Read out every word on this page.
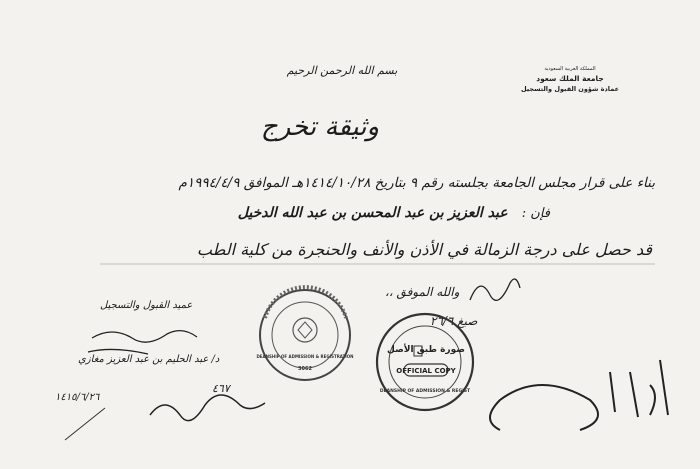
بسم الله الرحمن الرحيم	المملكة العربية السعودية
جامعة الملك سعود
عمادة شؤون القبول والتسجيل
وثيقة تخرج
بناء على قرار مجلس الجامعة بجلسته رقم ٩ بتاريخ ١٤١٤/١٠/٢٨هـ الموافق ١٩٩٤/٤/٩م
فإن : عبد العزيز بن عبد المحسن بن عبد الله الدخيل
قد حصل على درجة الزمالة في الأذن والأنف والحنجرة من كلية الطب
والله الموفق ،،
صبغ ٢٦/٦
عميد القبول والتسجيل
د/ عبد الحليم بن عبد العزيز مغازي
3062
DEANSHIP OF ADMISSION & REGISTRATION
OFFICIAL COPY
صورة طبق الأصل
DEANSHIP OF ADMISSION & REGIST
١٤١٥/٦/٢٦
٤٦٧
